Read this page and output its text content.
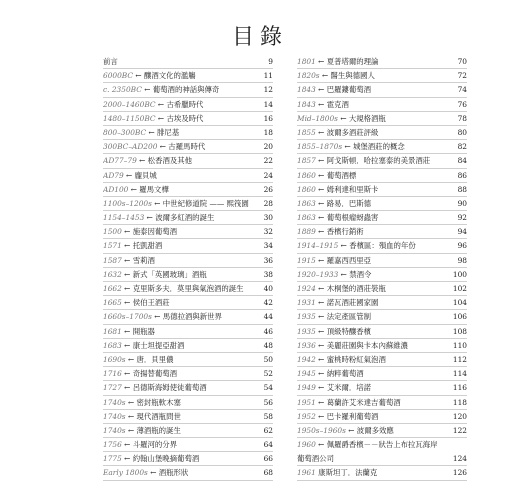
目錄
前言	9
6000BC ← 釀酒文化的濫觴	11
c. 2350BC ← 葡萄酒的神話與傳奇	12
2000–1460BC ← 古希臘時代	14
1480–1150BC ← 古埃及時代	16
800–300BC ← 腓尼基	18
300BC–AD200 ← 古羅馬時代	20
AD77–79 ← 松香酒及其他	22
AD79 ← 龐貝城	24
AD100 ← 羅馬文樺	26
1100s–1200s ← 中世紀修道院 —— 熙筏園	28
1154–1453 ← 波爾多紅酒的誕生	30
1500 ← 施泰因葡萄酒	32
1571 ← 托凱甜酒	34
1587 ← 雪莉酒	36
1632 ← 新式「英國玻璃」酒瓶	38
1662 ← 克里斯多夫．莫里與氣泡酒的誕生	40
1665 ← 侯伯王酒莊	42
1660s–1700s ← 馬德拉酒與新世界	44
1681 ← 開瓶器	46
1683 ← 康士坦提亞甜酒	48
1690s ← 唐．貝里儂	50
1716 ← 奇揚替葡萄酒	52
1727 ← 呂德斯海姆使徒葡萄酒	54
1740s ← 密封瓶軟木塞	56
1740s ← 現代酒瓶問世	58
1740s ← 薄酒瓶的誕生	62
1756 ← 斗羅河的分界	64
1775 ← 約翰山堡晚摘葡萄酒	66
Early 1800s ← 酒瓶形狀	68
1801 ← 夏普塔爾的理論	70
1820s ← 醫生與德國人	72
1843 ← 巴羅鏤葡萄酒	74
1843 ← 雹克酒	76
Mid–1800s ← 大規格酒瓶	78
1855 ← 波爾多酒莊評級	80
1855–1870s ← 城堡酒莊的概念	82
1857 ← 阿戈斯頓．哈拉塞泰的美景酒莊	84
1860 ← 葡萄酒標	86
1860 ← 姆利達和里斯卡	88
1863 ← 路易．巴斯德	90
1863 ← 葡萄根瘤蚜蟲害	92
1889 ← 香檳行銷術	94
1914–1915 ← 香檳區：殞血的年份	96
1915 ← 羅嘉西西里亞	98
1920–1933 ← 禁酒令	100
1924 ← 木桐堡的酒莊裝瓶	102
1931 ← 諾瓦酒莊國家園	104
1935 ← 法定產區管制	106
1935 ← 頂級特釀香檳	108
1936 ← 美麗莊園與卡本內蘇維濃	110
1942 ← 蜜桃時粉紅氣泡酒	112
1945 ← 納粹葡萄酒	114
1949 ← 艾米爾．培諾	116
1951 ← 葛蘭許艾米達吉葡萄酒	118
1952 ← 巴卡羅利葡萄酒	120
1950s–1960s ← 波爾多效應	122
1960 ← 佩羅爵香檳－－狀告上布拉瓦海岸葡萄酒公司	124
1961 康斯坦丁．法蘭克	126
